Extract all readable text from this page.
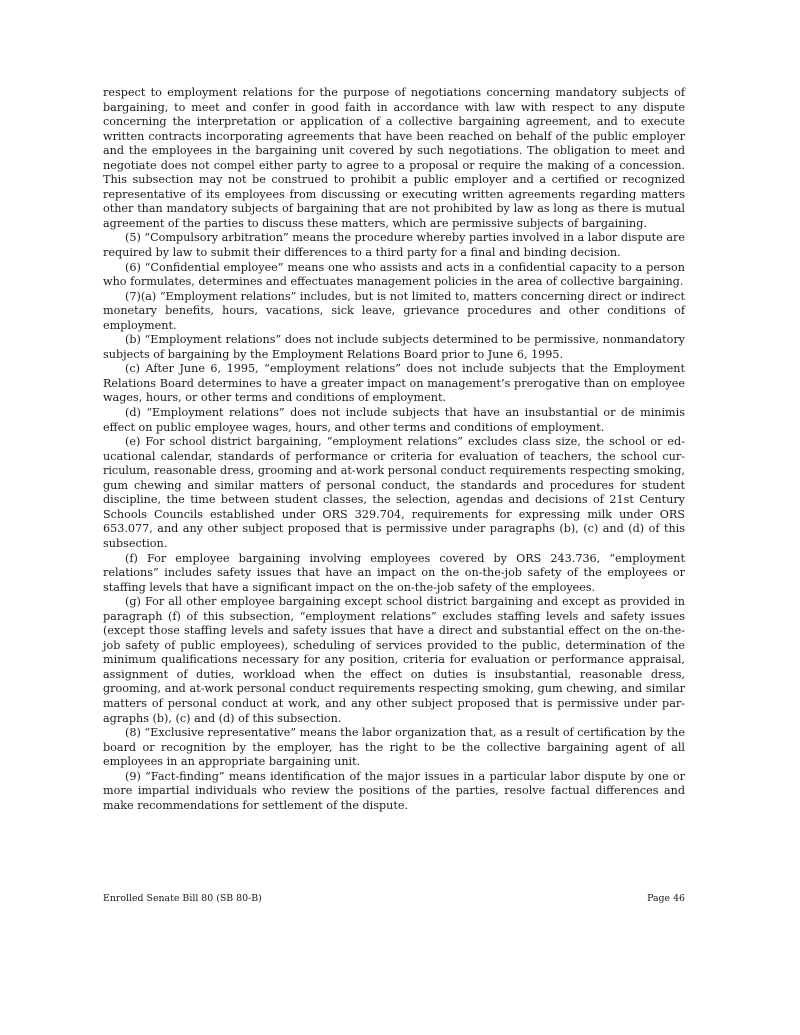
respect to employment relations for the purpose of negotiations concerning mandatory subjects of bargaining, to meet and confer in good faith in accordance with law with respect to any dispute concerning the interpretation or application of a collective bargaining agreement, and to execute written contracts incorporating agreements that have been reached on behalf of the public employer and the employees in the bargaining unit covered by such negotiations. The obligation to meet and negotiate does not compel either party to agree to a proposal or require the making of a concession. This subsection may not be construed to prohibit a public employer and a certified or recognized representative of its employees from discussing or executing written agreements regarding matters other than mandatory subjects of bargaining that are not prohibited by law as long as there is mutual agreement of the parties to discuss these matters, which are permissive subjects of bargaining.

(5) “Compulsory arbitration” means the procedure whereby parties involved in a labor dispute are required by law to submit their differences to a third party for a final and binding decision.

(6) “Confidential employee” means one who assists and acts in a confidential capacity to a person who formulates, determines and effectuates management policies in the area of collective bargaining.

(7)(a) “Employment relations” includes, but is not limited to, matters concerning direct or indirect monetary benefits, hours, vacations, sick leave, grievance procedures and other conditions of employment.

(b) “Employment relations” does not include subjects determined to be permissive, nonmandatory subjects of bargaining by the Employment Relations Board prior to June 6, 1995.

(c) After June 6, 1995, “employment relations” does not include subjects that the Employment Relations Board determines to have a greater impact on management’s prerogative than on employee wages, hours, or other terms and conditions of employment.

(d) “Employment relations” does not include subjects that have an insubstantial or de minimis effect on public employee wages, hours, and other terms and conditions of employment.

(e) For school district bargaining, “employment relations” excludes class size, the school or educational calendar, standards of performance or criteria for evaluation of teachers, the school curriculum, reasonable dress, grooming and at-work personal conduct requirements respecting smoking, gum chewing and similar matters of personal conduct, the standards and procedures for student discipline, the time between student classes, the selection, agendas and decisions of 21st Century Schools Councils established under ORS 329.704, requirements for expressing milk under ORS 653.077, and any other subject proposed that is permissive under paragraphs (b), (c) and (d) of this subsection.

(f) For employee bargaining involving employees covered by ORS 243.736, “employment relations” includes safety issues that have an impact on the on-the-job safety of the employees or staffing levels that have a significant impact on the on-the-job safety of the employees.

(g) For all other employee bargaining except school district bargaining and except as provided in paragraph (f) of this subsection, “employment relations” excludes staffing levels and safety issues (except those staffing levels and safety issues that have a direct and substantial effect on the on-the-job safety of public employees), scheduling of services provided to the public, determination of the minimum qualifications necessary for any position, criteria for evaluation or performance appraisal, assignment of duties, workload when the effect on duties is insubstantial, reasonable dress, grooming, and at-work personal conduct requirements respecting smoking, gum chewing, and similar matters of personal conduct at work, and any other subject proposed that is permissive under paragraphs (b), (c) and (d) of this subsection.

(8) “Exclusive representative” means the labor organization that, as a result of certification by the board or recognition by the employer, has the right to be the collective bargaining agent of all employees in an appropriate bargaining unit.

(9) “Fact-finding” means identification of the major issues in a particular labor dispute by one or more impartial individuals who review the positions of the parties, resolve factual differences and make recommendations for settlement of the dispute.

Enrolled Senate Bill 80 (SB 80-B)	Page 46
